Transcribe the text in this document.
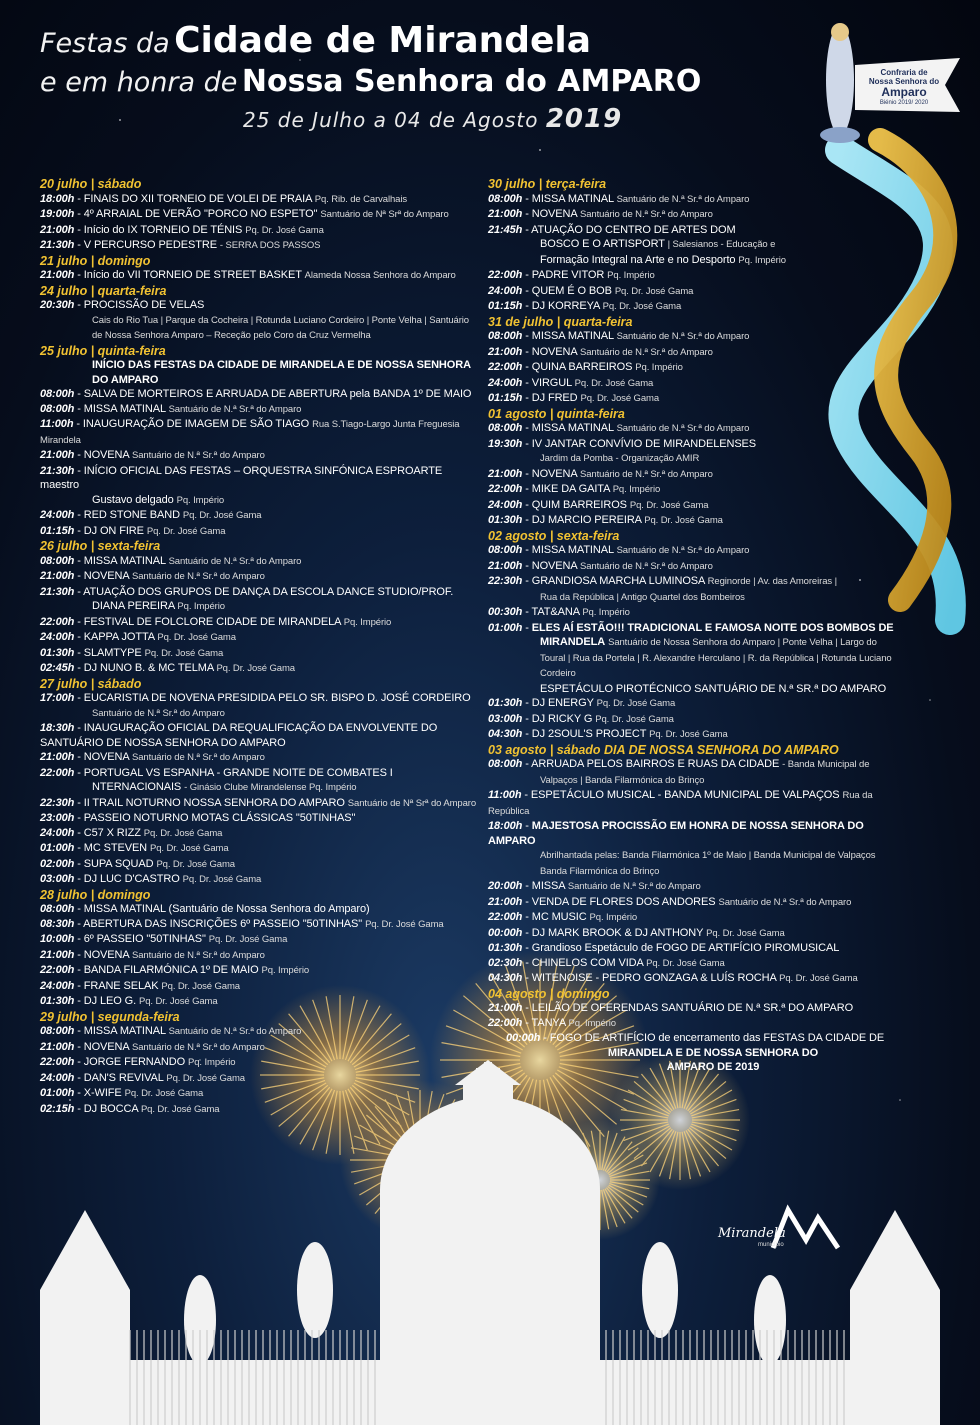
Festas da Cidade de Mirandela
e em honra de Nossa Senhora do AMPARO
25 de Julho a 04 de Agosto 2019
Confraria de
Nossa Senhora do
Amparo
Biénio 2019/ 2020
20 julho | sábado
18:00h - FINAIS DO XII TORNEIO DE VOLEI DE PRAIA Pq. Rib. de Carvalhais
19:00h - 4º ARRAIAL DE VERÃO "PORCO NO ESPETO" Santuário de Nª Srª do Amparo
21:00h - Início do IX TORNEIO DE TÉNIS Pq. Dr. José Gama
21:30h - V PERCURSO PEDESTRE - SERRA DOS PASSOS
21 julho | domingo
21:00h - Início do VII TORNEIO DE STREET BASKET Alameda Nossa Senhora do Amparo
24 julho | quarta-feira
20:30h - PROCISSÃO DE VELAS
Cais do Rio Tua | Parque da Cocheira | Rotunda Luciano Cordeiro | Ponte Velha | Santuário
de Nossa Senhora Amparo – Receção pelo Coro da Cruz Vermelha
25 julho | quinta-feira
INÍCIO DAS FESTAS DA CIDADE DE MIRANDELA E DE NOSSA SENHORA DO AMPARO
08:00h - SALVA DE MORTEIROS E ARRUADA DE ABERTURA pela BANDA 1º DE MAIO
08:00h - MISSA MATINAL Santuário de N.ª Sr.ª do Amparo
11:00h - INAUGURAÇÃO DE IMAGEM DE SÃO TIAGO Rua S.Tiago-Largo Junta Freguesia Mirandela
21:00h - NOVENA Santuário de N.ª Sr.ª do Amparo
21:30h - INÍCIO OFICIAL DAS FESTAS – ORQUESTRA SINFÓNICA ESPROARTE maestro
Gustavo delgado Pq. Império
24:00h - RED STONE BAND Pq. Dr. José Gama
01:15h - DJ ON FIRE Pq. Dr. José Gama
26 julho | sexta-feira
08:00h - MISSA MATINAL Santuário de N.ª Sr.ª do Amparo
21:00h - NOVENA Santuário de N.ª Sr.ª do Amparo
21:30h - ATUAÇÃO DOS GRUPOS DE DANÇA DA ESCOLA DANCE STUDIO/PROF.
DIANA PEREIRA Pq. Império
22:00h - FESTIVAL DE FOLCLORE CIDADE DE MIRANDELA Pq. Império
24:00h - KAPPA JOTTA Pq. Dr. José Gama
01:30h - SLAMTYPE Pq. Dr. José Gama
02:45h - DJ NUNO B. & MC TELMA Pq. Dr. José Gama
27 julho | sábado
17:00h - EUCARISTIA DE NOVENA PRESIDIDA PELO SR. BISPO D. JOSÉ CORDEIRO
Santuário de N.ª Sr.ª do Amparo
18:30h - INAUGURAÇÃO OFICIAL DA REQUALIFICAÇÃO DA ENVOLVENTE DO
SANTUÁRIO DE NOSSA SENHORA DO AMPARO
21:00h - NOVENA Santuário de N.ª Sr.ª do Amparo
22:00h - PORTUGAL VS ESPANHA - GRANDE NOITE DE COMBATES I
NTERNACIONAIS - Ginásio Clube Mirandelense Pq. Império
22:30h - II TRAIL NOTURNO NOSSA SENHORA DO AMPARO Santuário de Nª Srª do Amparo
23:00h - PASSEIO NOTURNO MOTAS CLÁSSICAS "50TINHAS"
24:00h - C57 X RIZZ Pq. Dr. José Gama
01:00h - MC STEVEN Pq. Dr. José Gama
02:00h - SUPA SQUAD Pq. Dr. José Gama
03:00h - DJ LUC D'CASTRO Pq. Dr. José Gama
28 julho | domingo
08:00h - MISSA MATINAL (Santuário de Nossa Senhora do Amparo)
08:30h - ABERTURA DAS INSCRIÇÕES 6º PASSEIO "50TINHAS" Pq. Dr. José Gama
10:00h - 6º PASSEIO "50TINHAS" Pq. Dr. José Gama
21:00h - NOVENA Santuário de N.ª Sr.ª do Amparo
22:00h - BANDA FILARMÓNICA 1º DE MAIO Pq. Império
24:00h - FRANE SELAK Pq. Dr. José Gama
01:30h - DJ LEO G. Pq. Dr. José Gama
29 julho | segunda-feira
08:00h - MISSA MATINAL Santuário de N.ª Sr.ª do Amparo
21:00h - NOVENA Santuário de N.ª Sr.ª do Amparo
22:00h - JORGE FERNANDO Pq. Império
24:00h - DAN'S REVIVAL Pq. Dr. José Gama
01:00h - X-WIFE Pq. Dr. José Gama
02:15h - DJ BOCCA Pq. Dr. José Gama
30 julho | terça-feira
08:00h - MISSA MATINAL Santuário de N.ª Sr.ª do Amparo
21:00h - NOVENA Santuário de N.ª Sr.ª do Amparo
21:45h - ATUAÇÃO DO CENTRO DE ARTES DOM
BOSCO E O ARTISPORT | Salesianos - Educação e
Formação Integral na Arte e no Desporto Pq. Império
22:00h - PADRE VITOR Pq. Império
24:00h - QUEM É O BOB Pq. Dr. José Gama
01:15h - DJ KORREYA Pq. Dr. José Gama
31 de julho | quarta-feira
08:00h - MISSA MATINAL Santuário de N.ª Sr.ª do Amparo
21:00h - NOVENA Santuário de N.ª Sr.ª do Amparo
22:00h - QUINA BARREIROS Pq. Império
24:00h - VIRGUL Pq. Dr. José Gama
01:15h - DJ FRED Pq. Dr. José Gama
01 agosto | quinta-feira
08:00h - MISSA MATINAL Santuário de N.ª Sr.ª do Amparo
19:30h - IV JANTAR CONVÍVIO DE MIRANDELENSES
Jardim da Pomba - Organização AMIR
21:00h - NOVENA Santuário de N.ª Sr.ª do Amparo
22:00h - MIKE DA GAITA Pq. Império
24:00h - QUIM BARREIROS Pq. Dr. José Gama
01:30h - DJ MARCIO PEREIRA Pq. Dr. José Gama
02 agosto | sexta-feira
08:00h - MISSA MATINAL Santuário de N.ª Sr.ª do Amparo
21:00h - NOVENA Santuário de N.ª Sr.ª do Amparo
22:30h - GRANDIOSA MARCHA LUMINOSA Reginorde | Av. das Amoreiras |
Rua da República | Antigo Quartel dos Bombeiros
00:30h - TAT&ANA Pq. Império
01:00h - ELES AÍ ESTÃO!!! TRADICIONAL E FAMOSA NOITE DOS BOMBOS DE
MIRANDELA Santuário de Nossa Senhora do Amparo | Ponte Velha | Largo do
Toural | Rua da Portela | R. Alexandre Herculano | R. da República | Rotunda Luciano Cordeiro
ESPETÁCULO PIROTÉCNICO SANTUÁRIO DE N.ª SR.ª DO AMPARO
01:30h - DJ ENERGY Pq. Dr. José Gama
03:00h - DJ RICKY G Pq. Dr. José Gama
04:30h - DJ 2SOUL'S PROJECT Pq. Dr. José Gama
03 agosto | sábado DIA DE NOSSA SENHORA DO AMPARO
08:00h - ARRUADA PELOS BAIRROS E RUAS DA CIDADE - Banda Municipal de
Valpaços | Banda Filarmónica do Brinço
11:00h - ESPETÁCULO MUSICAL - BANDA MUNICIPAL DE VALPAÇOS Rua da República
18:00h - MAJESTOSA PROCISSÃO EM HONRA DE NOSSA SENHORA DO AMPARO
Abrilhantada pelas: Banda Filarmónica 1º de Maio | Banda Municipal de Valpaços
Banda Filarmónica do Brinço
20:00h - MISSA Santuário de N.ª Sr.ª do Amparo
21:00h - VENDA DE FLORES DOS ANDORES Santuário de N.ª Sr.ª do Amparo
22:00h - MC MUSIC Pq. Império
00:00h - DJ MARK BROOK & DJ ANTHONY Pq. Dr. José Gama
01:30h - Grandioso Espetáculo de FOGO DE ARTIFÍCIO PIROMUSICAL
02:30h - CHINELOS COM VIDA Pq. Dr. José Gama
04:30h - WITENOISE - PEDRO GONZAGA & LUÍS ROCHA Pq. Dr. José Gama
04 agosto | domingo
21:00h - LEILÃO DE OFERENDAS SANTUÁRIO DE N.ª SR.ª DO AMPARO
22:00h - TANYA Pq. Império
00:00h - FOGO DE ARTIFÍCIO de encerramento das FESTAS DA CIDADE DE
MIRANDELA E DE NOSSA SENHORA DO
AMPARO DE 2019
Mirandela
município
